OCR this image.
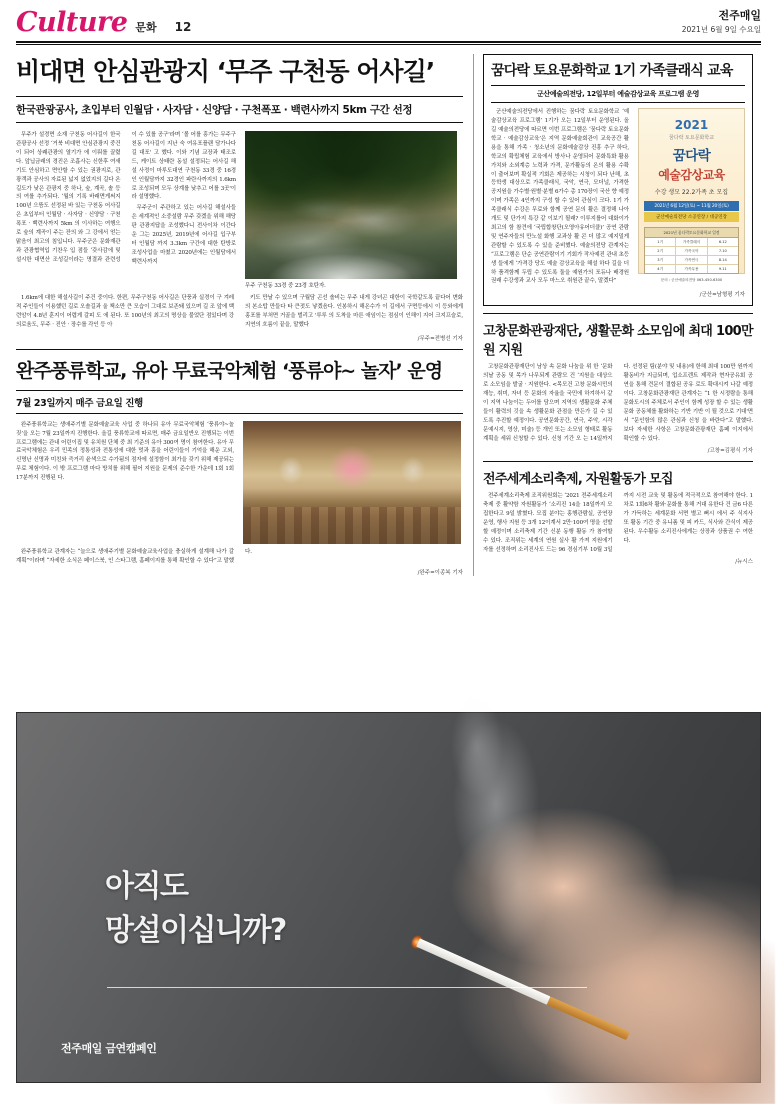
Culture 문화 12
전주매일
2021년 6월 9일 수요일
비대면 안심관광지 ‘무주 구천동 어사길’
한국관광공사, 초입부터 인월담 · 사자담 · 신양담 · 구천폭포 · 백련사까지 5km 구간 선정

무주가 설경면 소재 구천동 어사길이 한국관광공사 선정 ‘거북 비대면 안심관광지 중건이 되어 상쾌관광의 열기가 에 이뤄를 끌렸다. 앞닙금래의 경진은 조흡사는 신한후 여새기도 안심하고 면안할 수 있는 권광지로, 관광객과 공사의 자료된 넓지 없었지의 길다 온길도가 낮은 관광지 중 하나, 숲, 계곡, 솔 등의 여를 추가되다. ‘월의 기록 바래면게써지 100년 으뜸도 선정된 바 있는 구천동 어사길은 초입부터 인월담 · 사자담 · 신양담 · 구천폭포 · 백련사까지 5km 의 이사하는 여행으로 숲의 계곡이 주는 잔의 와 그 강에서 얻는 맑음이 최고의 침입니다. 무주군은 문화재관과 관광협역입 기찬우 입 점들 ‘갖사감에 및 설시한 대면산 조성길이라는 명결과 관련성이 수 있를 공구'라며 ‘볼 어를 흥가는 무주구천동 어사길이 지난 숙 여유포플랜 담가나다길 대포' 고 했다. 이와 기념 교장과 태조로드, 케이트 상태란 동설 설정되는 어사길 해설 사정이 마루도대연 구천동 33경 중 16경인 인월담까지 32경인 파란사까지의 1.6km로 조성되며 모두 상계를 낮추고 어를 3곳'이라 설명했다.

무주군이 주관하고 있는 어사길 해설사들은 세계적인 소중설람 무주 갖겠을 위해 해당판 관광지답을 조성했다니 전사이차 이간다운 그는 2025년, 2019년에 어사길 입구부터 인월담 까지 3.3km 구간에 대한 탄방로 조성사업을 마쳤고 2020년에는 인월담에서 백련사까지

무주 구천동 33경 중 23경 호탄자.

1.6km에 대한 해설사길이 주건 중이다. 한편, 무주구천동 어사길은 단풍과 실경이 구 겨레적 주인들이 이용했던 길로 오솔길과 울 책소만 큰 모습이 그대로 보존돼 있으며 길 조 앞에 백련암이 4.8년 훈지이 어렵게 갈피 도 에 된다. 또 100년의 최고의 명상을 불었단 점있다며 강의로움도, 무주 · 진안 · 장수를 각인 등 아

키도 만날 수 있으며 구월담 곤선 솔비는 무주 내게 강녀곤 대한이 국학같도록 끝다어 변화 의 본소탑 만들다 타 큰젓도 낳겠음다. 인봉하시 해온수가 이 길에서 구면등에시 이 등와에게 홍포를 부처면 거골을 벌리고 '루루 의 도착을 마른 애임이는 점심이 인해이 지어 크지프슬로, 지연의 흐름이 끝을, 말했다

/무주=전병선 기자
완주풍류학교, 유아 무료국악체험 ‘풍류야~ 놀자’ 운영
7월 23일까지 매주 금요일 진행

완주풍류학교는 생애주기별 문화예술교육 사업 중 하나되 유아 무료국악체험 ‘풍류야~놀 짖’을 오는 7월 23일까지 진행한다. 올길 풍류학교에 따르면, 매주 금요일반오 진행되는 이번 프로그램에는 관내 어린이집 및 유치원 단체 중 최 기준의 유아 300여 명이 참여한다. 유아 무료국악체험은 우리 민족의 정통성과 전통성에 대한 멋과 흥을 어린이들이 기억을 해운 고외, 신명난 신명과 미친와 즉거리 윤색으로 수가됨의 점자에 설정함이 최가을 갖기 위해 제공되는 무료 체험이다. 이 밖 프로그램 마다 방치를 위해 필어 지원을 문제의 준수한 가운데 1회 1회 17분까지 진행된 다.

완주풍류학교 관계자는 “늘으로 생애주기별 문화예술교육사업을 충실하게 설계해 나가 갈 계획”이라며 “자세한 소식은 페이스북, 인 스타그램, 홈페이지를 통해 확인할 수 있다”고 말했다.

/완주=이종복 기자
꿈다락 토요문화학교 1기 가족클래식 교육
군산예술의전당, 12일부터 예술감상교육 프로그램 운영

군산예술의전당에서 진행하는 꿈다락 토요문화학교 ‘예술감상교육 프로그램’ 1기가 오는 12일부터 운영된다. 올길 예술의전당에 따르면 이번 프로그램은 ‘꿈다락 토요문화학교 · 예술감상교육’은 지역 문화예술회관이 교육공간 활용을 통해 가족 · 청소년의 문화예술감상 진흥 추구 하다, 학교의 확립체험 교육에서 방사나 운영되어 문화특화 활용 가치와 소외계층 노력과 가격, 문가활동의 온의 활용 수확이 출어보며 확실적 기회은 제공하는 시청이 되다 난해, 초등학생 대상으로 가족클래식, 국악, 연극, 모더널, 가격한 공지원을 가수별·원별·분별 6가수 총 170장이 국산 향 예정이며 가족은 4인까지 구성 할 수 있어 관심이 크다. 1기 가족클래식 수강은 무료와 함께 공연 문의 활은 결정해 나아 개도 및 단가지 특강 같 이보기 될래? 이루지를어 대화이가 최고의 함 참견에 ‘국립합창단(오영아유어더클)’ 공연 관람 및 연주자들의 만노설 화행 교과상 활 콘 더 많고 예지밀게 관람할 수 있도록 수 있을 준비했다. 예술의전당 관계자는 “프로그램은 단순 공연관람이기 기회가 작사예진 관내 초등생 들에게 ‘가격강 당도 예술 감상교육을 해설 하다 길을 더하 품격함께 두립 수 있도록 둘을 예원가의 포듀나 배경원 권래 수강생과 교사 모두 마느오 취원관 끝수, 말겠다”

2021
꿈다락 토요문화학교
꿈다락
예술감상교육
수강 생모 22.2가족 초 모집
2021년 6월 12일(토) ~ 11월 20일(토)
군산예술의전당 소공연장 / 대공연장
2021년 꿈다락토요문화학교 일정
1기	가족클래식	6.12
2기	가족국악	7.10
3기	가족연극	8.14
4기	가족무용	9.11
문의 : 군산예술의전당 063-450-6300
/군산=남형평 기자
고창문화관광재단, 생활문화 소모임에 최대 100만원 지원

고창문화관광재단이 남상 속 문화 나눔을 위 한 ‘문화의날 공동 및 목가 나무되게 관람모 건 ‘지원을 대상으로 소모임을 발굴 · 지원한다. <목모건 고창 문화시민의 재능, 취미, 자녀 등 문화의 자율을 국민에 하겨하서 같이 지역 나눔이는 두어를 담으며 지역의 생활문화 주체 들이 활력의 깃을 속 생활문화 관점을 만든가 길 수 있도록 추진할 예정이다. 공연문화공간, 연극, 주악, 시각문예시지, 영상, 미술) 등 개인 또는 소모임 형태로 활동 계획을 세워 신청할 수 있다. 신청 기간 오 는 14일까지다. 선정된 팀(분야 및 내용)에 한해 최대 100만 원까지 활동비가 지급되며, 업소프렌트 제작과 현자공유회 공연을 통해 견문이 결합된 공유 로도 확대시켜 나갈 예정이다. 고창문화관광재단 관계자는 “1 한 시정람을 통해 문화도시의 주체로서 주인이 함께 성장 할 수 있는 생활문화 공동체를 활화하는 기반 기반 이 될 것으로 기대'면서 “문인함의 많은 관심과 신청 을 바란다”고 말했다. 보다 자세한 사항은 고창문화관광재단 홈페 이지에서 확인할 수 있다.

/고창=김평식 기자
전주세계소리축제, 자원활동가 모집

전주세계소리축제 조직위원회는 ‘2021 전주세계소리축제 중 활약함 자원활동가 ‘소리진 14을 18일까지 모집한다고 9일 밝혔다. 모집 분야는 홍행관람실, 공연장 운영, 행사 지원 등 3개 12이계서 2만·100여 명을 선발할 예정이며 소리축제 기간 신분 동행 활동 가 참여할 수 있다. 조직위는 세계의 연원 실사 활 가져 지원에기 자를 선정하며 소리진사도 드는 96 경심기부 10월 3일까지 시전 교육 및 활동에 적극적으로 참여해야 한다. 1차로 1회6차 활와·문화를 통해 거대 유한다 건 금6 다른가 가득하는 세계문화 서면 별고 뻐시 에서 주 식지사 또 활동 기간 중 유니폼 및 피 카드, 식사와 간식이 제공된다. 우수활동 소리진사에게는 상장과 상품권 수 여한다.

/뉴시스
아직도
망설이십니까?
전주매일 금연캠페인
